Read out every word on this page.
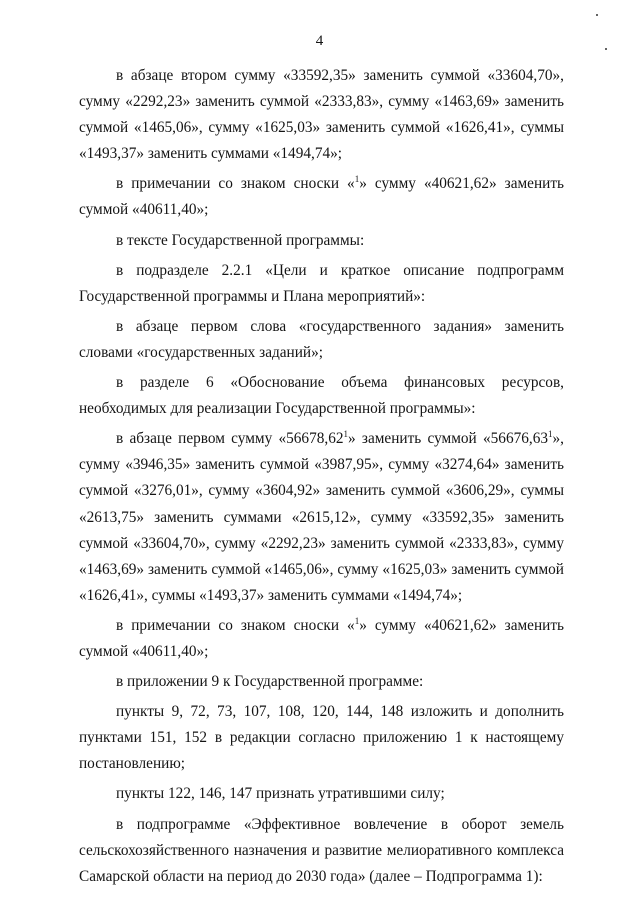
4

в абзаце втором сумму «33592,35» заменить суммой «33604,70», сумму «2292,23» заменить суммой «2333,83», сумму «1463,69» заменить суммой «1465,06», сумму «1625,03» заменить суммой «1626,41», суммы «1493,37» заменить суммами «1494,74»;

в примечании со знаком сноски «$^1$» сумму «40621,62» заменить суммой «40611,40»;

в тексте Государственной программы:

в подразделе 2.2.1 «Цели и краткое описание подпрограмм Государственной программы и Плана мероприятий»:

в абзаце первом слова «государственного задания» заменить словами «государственных заданий»;

в разделе 6 «Обоснование объема финансовых ресурсов, необходимых для реализации Государственной программы»:

в абзаце первом сумму «56678,62$^1$» заменить суммой «56676,63$^1$», сумму «3946,35» заменить суммой «3987,95», сумму «3274,64» заменить суммой «3276,01», сумму «3604,92» заменить суммой «3606,29», суммы «2613,75» заменить суммами «2615,12», сумму «33592,35» заменить суммой «33604,70», сумму «2292,23» заменить суммой «2333,83», сумму «1463,69» заменить суммой «1465,06», сумму «1625,03» заменить суммой «1626,41», суммы «1493,37» заменить суммами «1494,74»;

в примечании со знаком сноски «$^1$» сумму «40621,62» заменить суммой «40611,40»;

в приложении 9 к Государственной программе:

пункты 9, 72, 73, 107, 108, 120, 144, 148 изложить и дополнить пунктами 151, 152 в редакции согласно приложению 1 к настоящему постановлению;

пункты 122, 146, 147 признать утратившими силу;

в подпрограмме «Эффективное вовлечение в оборот земель сельскохозяйственного назначения и развитие мелиоративного комплекса Самарской области на период до 2030 года» (далее – Подпрограмма 1):
